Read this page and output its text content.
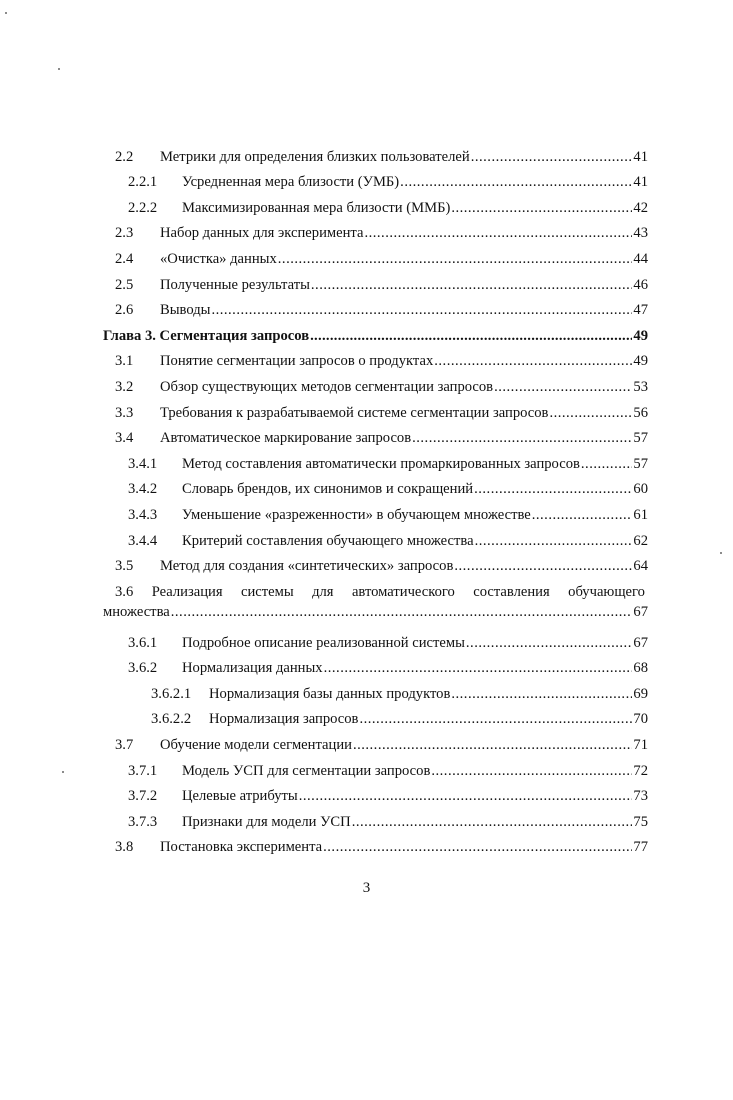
2.2	Метрики для определения близких пользователей .....	41
2.2.1	Усредненная мера близости (УМБ) .....	41
2.2.2	Максимизированная мера близости (ММБ) .....	42
2.3	Набор данных для эксперимента .....	43
2.4	«Очистка» данных .....	44
2.5	Полученные результаты .....	46
2.6	Выводы .....	47
Глава 3. Сегментация запросов .....	49
3.1	Понятие сегментации запросов о продуктах .....	49
3.2	Обзор существующих методов сегментации запросов .....	53
3.3	Требования к разрабатываемой системе сегментации запросов .....	56
3.4	Автоматическое маркирование запросов .....	57
3.4.1	Метод составления автоматически промаркированных запросов .....	57
3.4.2	Словарь брендов, их синонимов и сокращений .....	60
3.4.3	Уменьшение «разреженности» в обучающем множестве .....	61
3.4.4	Критерий составления обучающего множества .....	62
3.5	Метод для создания «синтетических» запросов .....	64
3.6 Реализация системы для автоматического составления обучающего
множества .....	67
3.6.1	Подробное описание реализованной системы .....	67
3.6.2	Нормализация данных .....	68
3.6.2.1	Нормализация базы данных продуктов .....	69
3.6.2.2	Нормализация запросов .....	70
3.7	Обучение модели сегментации .....	71
3.7.1	Модель УСП для сегментации запросов .....	72
3.7.2	Целевые атрибуты .....	73
3.7.3	Признаки для модели УСП .....	75
3.8	Постановка эксперимента .....	77
3
